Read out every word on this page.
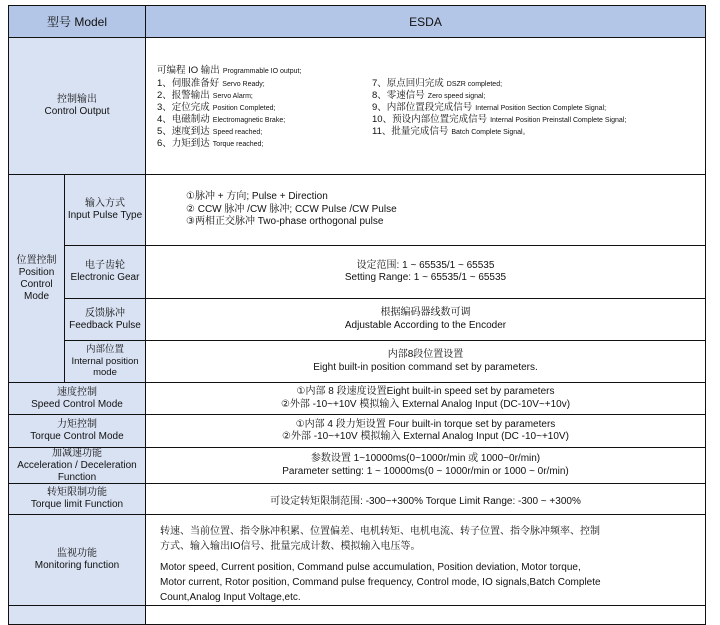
型号 Model	ESDA
控制输出
Control Output
可编程 IO 输出 Programmable IO output;
1、伺服准备好 Servo Ready;
2、报警输出 Servo Alarm;
3、定位完成 Position Completed;
4、电磁制动 Electromagnetic Brake;
5、速度到达 Speed reached;
6、力矩到达 Torque reached;
7、原点回归完成 DSZR completed;
8、零速信号 Zero speed signal;
9、内部位置段完成信号 Internal Position Section Complete Signal;
10、预设内部位置完成信号 Internal Position Preinstall Complete Signal;
11、批量完成信号 Batch Complete Signal。
位置控制
Position
Control
Mode
输入方式
Input Pulse Type
①脉冲 + 方向; Pulse + Direction
② CCW 脉冲 /CW 脉冲; CCW Pulse /CW Pulse
③两相正交脉冲 Two-phase orthogonal pulse
电子齿轮
Electronic Gear
设定范围: 1 ~ 65535/1 ~ 65535
Setting Range: 1 ~ 65535/1 ~ 65535
反馈脉冲
Feedback Pulse
根据编码器线数可调
Adjustable According to the Encoder
内部位置
Internal position
mode
内部8段位置设置
Eight built-in position command set by parameters.
速度控制
Speed Control Mode
①内部 8 段速度设置Eight built-in speed set by parameters
②外部 -10~+10V 模拟输入 External Analog Input (DC-10V~+10v)
力矩控制
Torque Control Mode
①内部 4 段力矩设置 Four built-in torque set by parameters
②外部 -10~+10V 模拟输入 External Analog Input (DC -10~+10V)
加减速功能
Acceleration / Deceleration
Function
参数设置 1~10000ms(0~1000r/min 或 1000~0r/min)
Parameter setting: 1 ~ 10000ms(0 ~ 1000r/min or 1000 ~ 0r/min)
转矩限制功能
Torque limit Function	可设定转矩限制范围: -300~+300% Torque Limit Range: -300 ~ +300%
监视功能
Monitoring function

转速、当前位置、指令脉冲积累、位置偏差、电机转矩、电机电流、转子位置、指令脉冲频率、控制

方式、输入输出IO信号、批量完成计数、模拟输入电压等。

Motor speed, Current position, Command pulse accumulation, Position deviation, Motor torque,

Motor current, Rotor position, Command pulse frequency, Control mode, IO signals,Batch Complete

Count,Analog Input Voltage,etc.
